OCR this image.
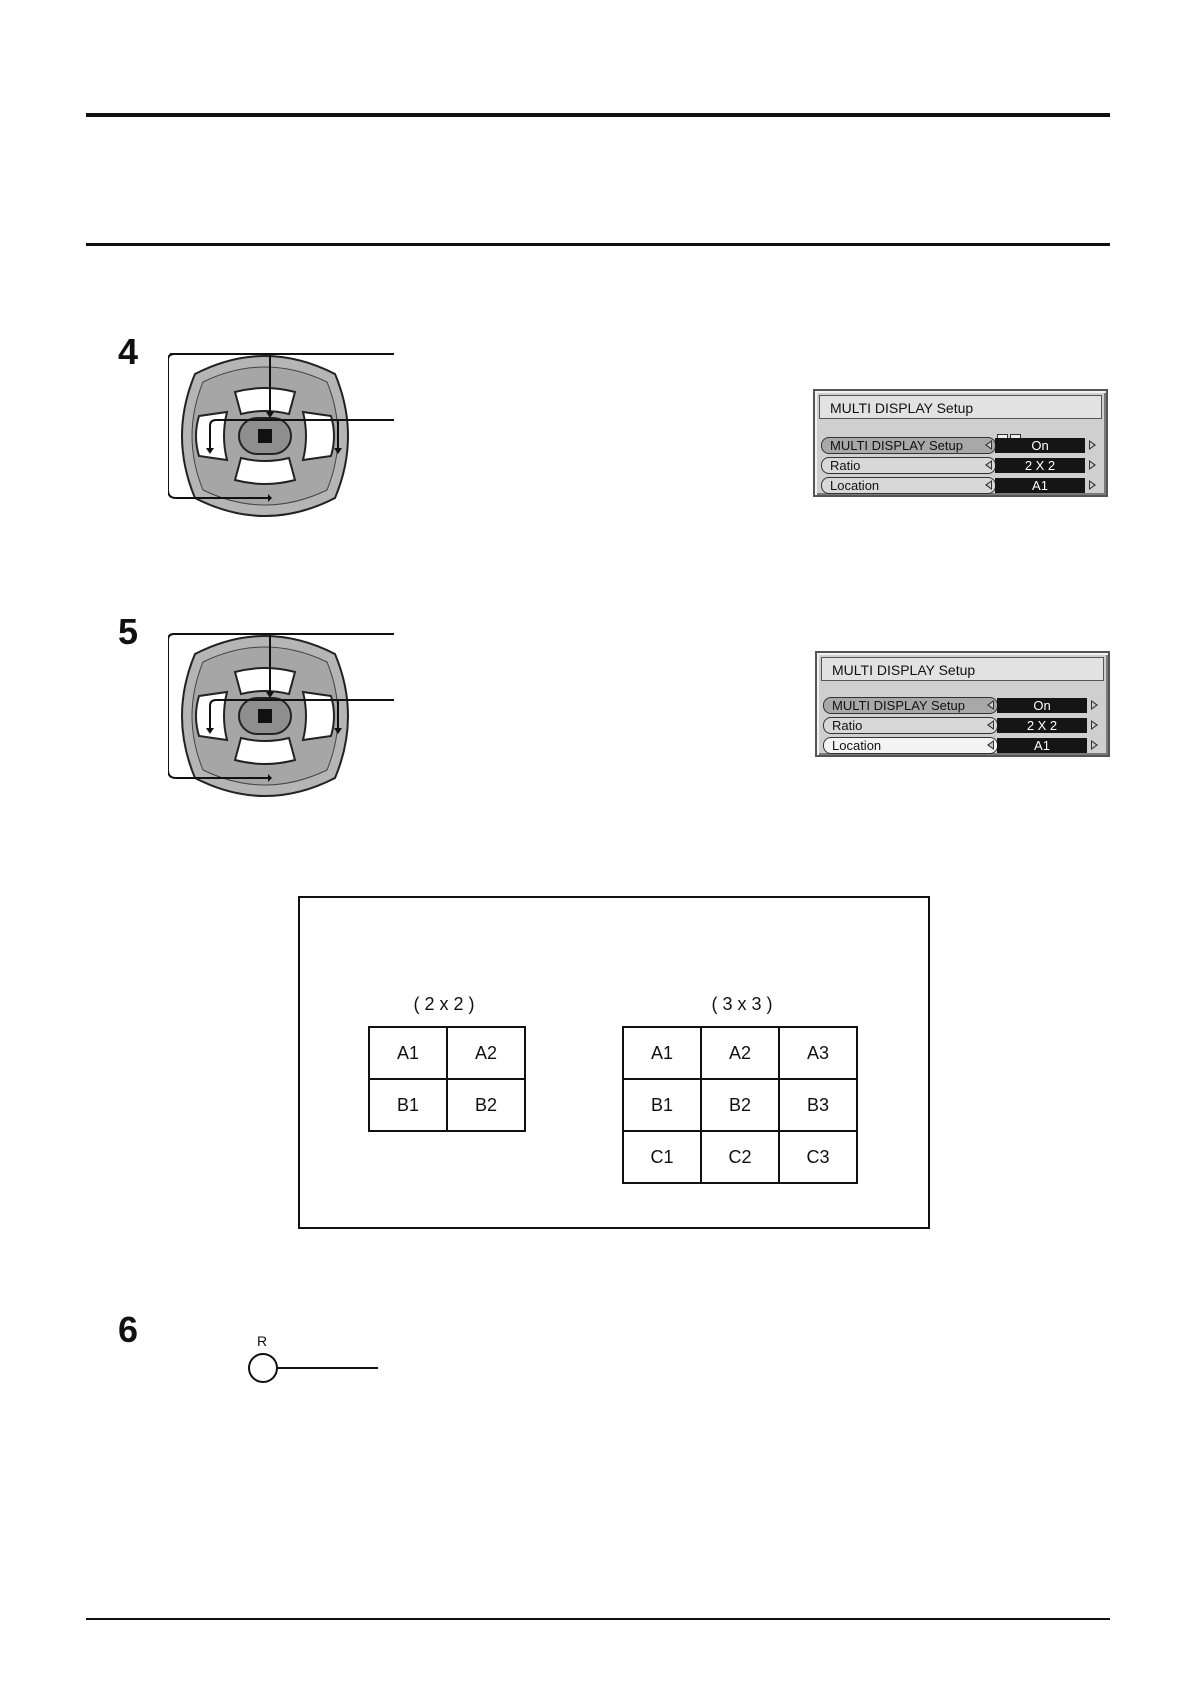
4
MULTI DISPLAY Setup
MULTI DISPLAY Setup	On
Ratio	2 X 2
Location	A1
5
MULTI DISPLAY Setup
MULTI DISPLAY Setup	On
Ratio	2 X 2
Location	A1
( 2 x 2 )
A1	A2
B1	B2
( 3 x 3 )
A1	A2	A3
B1	B2	B3
C1	C2	C3
6	R
